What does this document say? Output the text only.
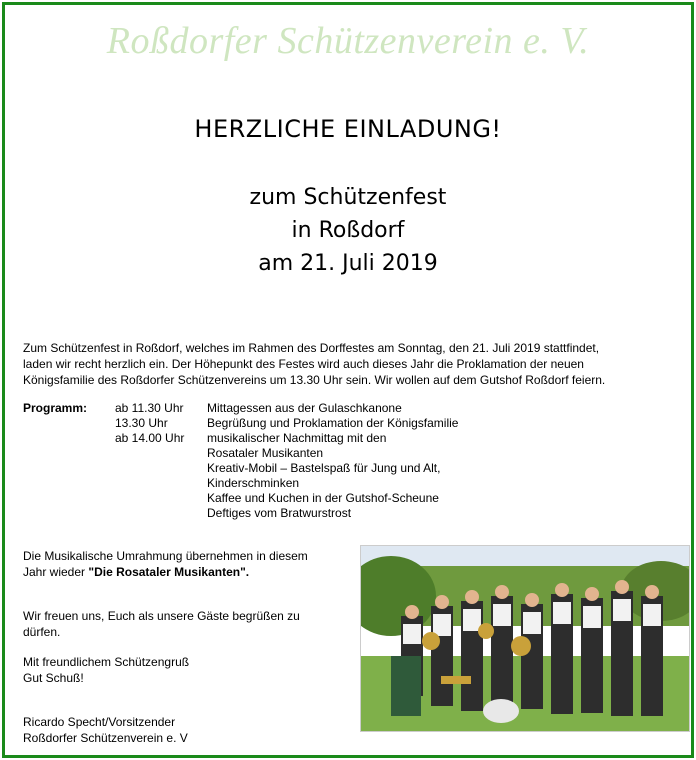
Roßdorfer Schützenverein e. V.
HERZLICHE EINLADUNG!
zum Schützenfest
in Roßdorf
am 21. Juli 2019
Zum Schützenfest in Roßdorf, welches im Rahmen des Dorffestes am Sonntag, den 21. Juli 2019 stattfindet,
laden wir recht herzlich ein. Der Höhepunkt des Festes wird auch dieses Jahr die Proklamation der neuen
Königsfamilie des Roßdorfer Schützenvereins um 13.30 Uhr sein. Wir wollen auf dem Gutshof Roßdorf feiern.
Programm: ab 11.30 Uhr
13.30 Uhr
ab 14.00 Uhr
Mittagessen aus der Gulaschkanone
Begrüßung und Proklamation der Königsfamilie
musikalischer Nachmittag mit den
Rosataler Musikanten
Kreativ-Mobil – Bastelspaß für Jung und Alt,
Kinderschminken
Kaffee und Kuchen in der Gutshof-Scheune
Deftiges vom Bratwurstrost
Die Musikalische Umrahmung übernehmen in diesem
Jahr wieder "Die Rosataler Musikanten".
Wir freuen uns, Euch als unsere Gäste begrüßen zu
dürfen.
Mit freundlichem Schützengruß
Gut Schuß!
Ricardo Specht/Vorsitzender
Roßdorfer Schützenverein e. V
